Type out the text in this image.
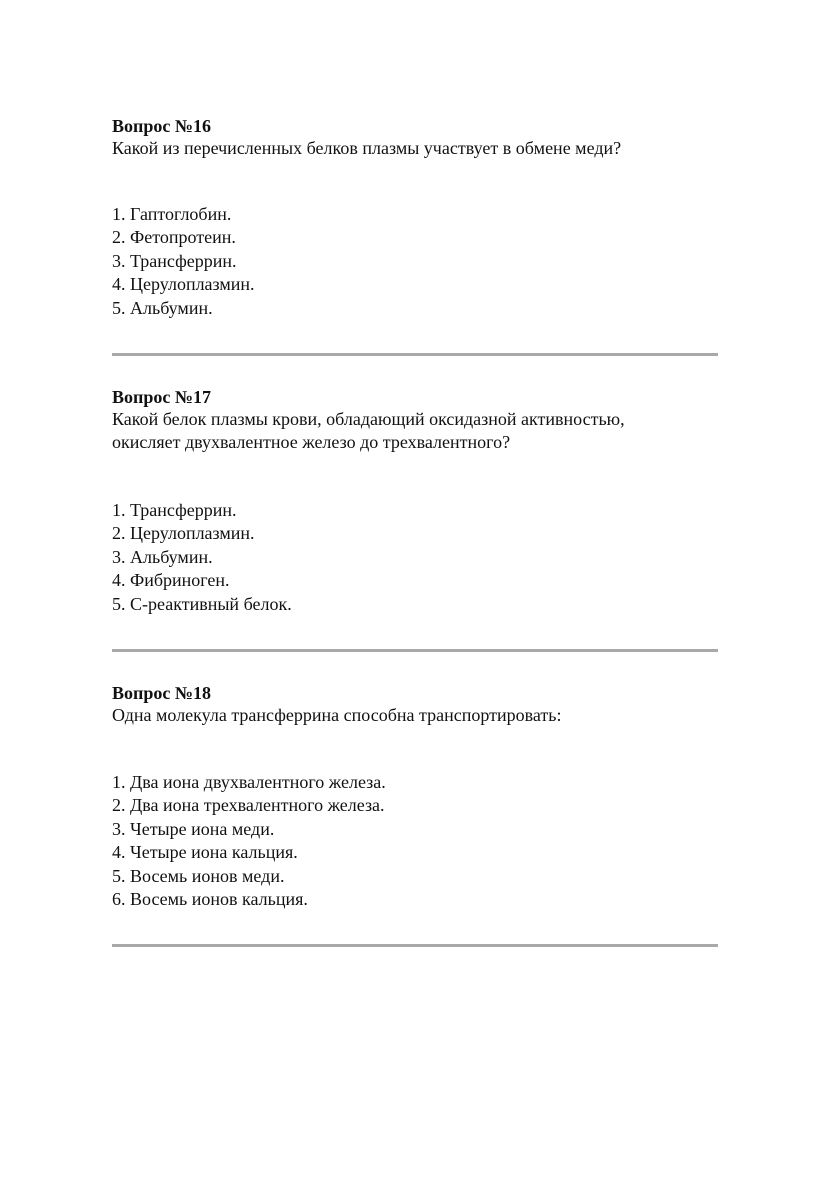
Вопрос №16

Какой из перечисленных белков плазмы участвует в обмене меди?

1. Гаптоглобин.
2. Фетопротеин.
3. Трансферрин.
4. Церулоплазмин.
5. Альбумин.

Вопрос №17

Какой белок плазмы крови, обладающий оксидазной активностью,

окисляет двухвалентное железо до трехвалентного?

1. Трансферрин.
2. Церулоплазмин.
3. Альбумин.
4. Фибриноген.
5. С-реактивный белок.

Вопрос №18

Одна молекула трансферрина способна транспортировать:

1. Два иона двухвалентного железа.
2. Два иона трехвалентного железа.
3. Четыре иона меди.
4. Четыре иона кальция.
5. Восемь ионов меди.
6. Восемь ионов кальция.
